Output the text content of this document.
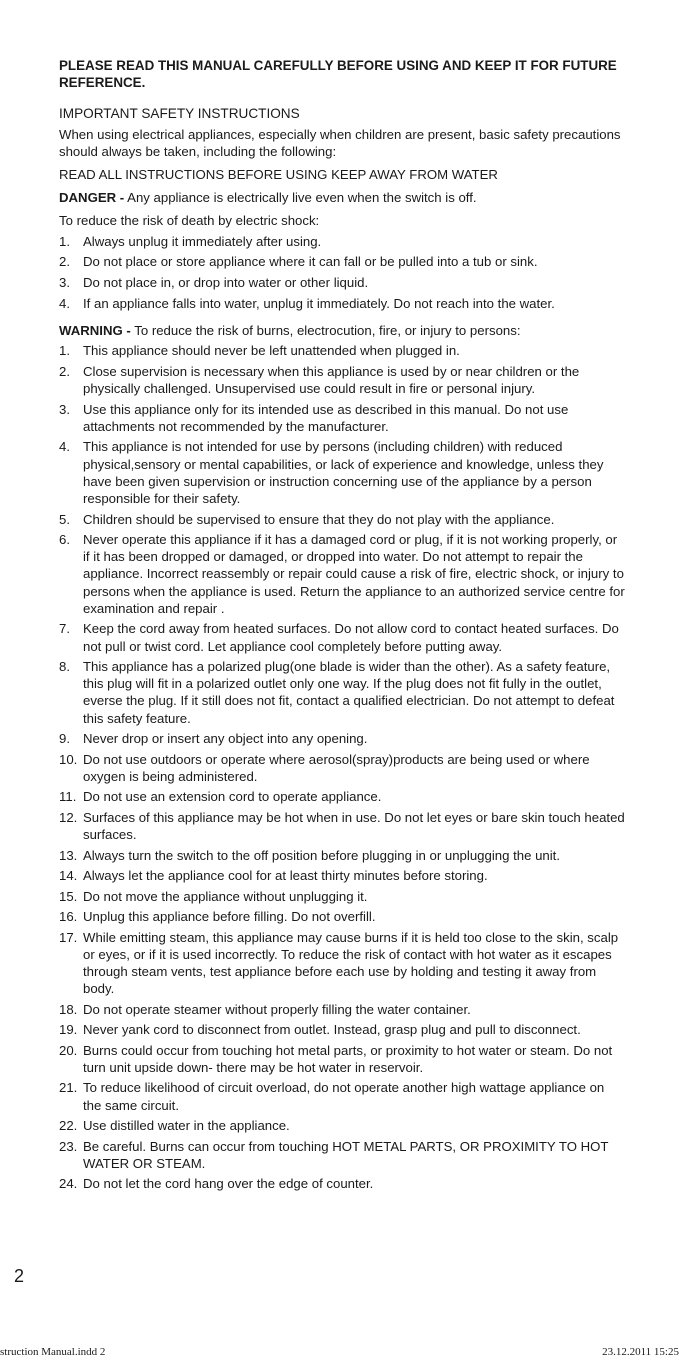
PLEASE READ THIS MANUAL CAREFULLY BEFORE USING AND KEEP IT FOR FUTURE REFERENCE.

IMPORTANT SAFETY INSTRUCTIONS

When using electrical appliances, especially when children are present, basic safety precautions should always be taken, including the following:

READ ALL INSTRUCTIONS BEFORE USING KEEP AWAY FROM WATER

DANGER - Any appliance is electrically live even when the switch is off.

To reduce the risk of death by electric shock:

1. Always unplug it immediately after using.
2. Do not place or store appliance where it can fall or be pulled into a tub or sink.
3. Do not place in, or drop into water or other liquid.
4. If an appliance falls into water, unplug it immediately. Do not reach into the water.

WARNING - To reduce the risk of burns, electrocution, fire, or injury to persons:

1. This appliance should never be left unattended when plugged in.
2. Close supervision is necessary when this appliance is used by or near children or the physically challenged. Unsupervised use could result in fire or personal injury.
3. Use this appliance only for its intended use as described in this manual. Do not use attachments not recommended by the manufacturer.
4. This appliance is not intended for use by persons (including children) with reduced physical,sensory or mental capabilities, or lack of experience and knowledge, unless they have been given supervision or instruction concerning use of the appliance by a person responsible for their safety.
5. Children should be supervised to ensure that they do not play with the appliance.
6. Never operate this appliance if it has a damaged cord or plug, if it is not working properly, or if it has been dropped or damaged, or dropped into water. Do not attempt to repair the appliance. Incorrect reassembly or repair could cause a risk of fire, electric shock, or injury to persons when the appliance is used. Return the appliance to an authorized service centre for examination and repair .
7. Keep the cord away from heated surfaces. Do not allow cord to contact heated surfaces. Do not pull or twist cord. Let appliance cool completely before putting away.
8. This appliance has a polarized plug(one blade is wider than the other). As a safety feature, this plug will fit in a polarized outlet only one way. If the plug does not fit fully in the outlet, everse the plug. If it still does not fit, contact a qualified electrician. Do not attempt to defeat this safety feature.
9. Never drop or insert any object into any opening.
10. Do not use outdoors or operate where aerosol(spray)products are being used or where oxygen is being administered.
11. Do not use an extension cord to operate appliance.
12. Surfaces of this appliance may be hot when in use. Do not let eyes or bare skin touch heated surfaces.
13. Always turn the switch to the off position before plugging in or unplugging the unit.
14. Always let the appliance cool for at least thirty minutes before storing.
15. Do not move the appliance without unplugging it.
16. Unplug this appliance before filling. Do not overfill.
17. While emitting steam, this appliance may cause burns if it is held too close to the skin, scalp or eyes, or if it is used incorrectly. To reduce the risk of contact with hot water as it escapes through steam vents, test appliance before each use by holding and testing it away from body.
18. Do not operate steamer without properly filling the water container.
19. Never yank cord to disconnect from outlet. Instead, grasp plug and pull to disconnect.
20. Burns could occur from touching hot metal parts, or proximity to hot water or steam. Do not turn unit upside down- there may be hot water in reservoir.
21. To reduce likelihood of circuit overload, do not operate another high wattage appliance on the same circuit.
22. Use distilled water in the appliance.
23. Be careful. Burns can occur from touching HOT METAL PARTS, OR PROXIMITY TO HOT WATER OR STEAM.
24. Do not let the cord hang over the edge of counter.
2
struction Manual.indd 2	23.12.2011 15:25
